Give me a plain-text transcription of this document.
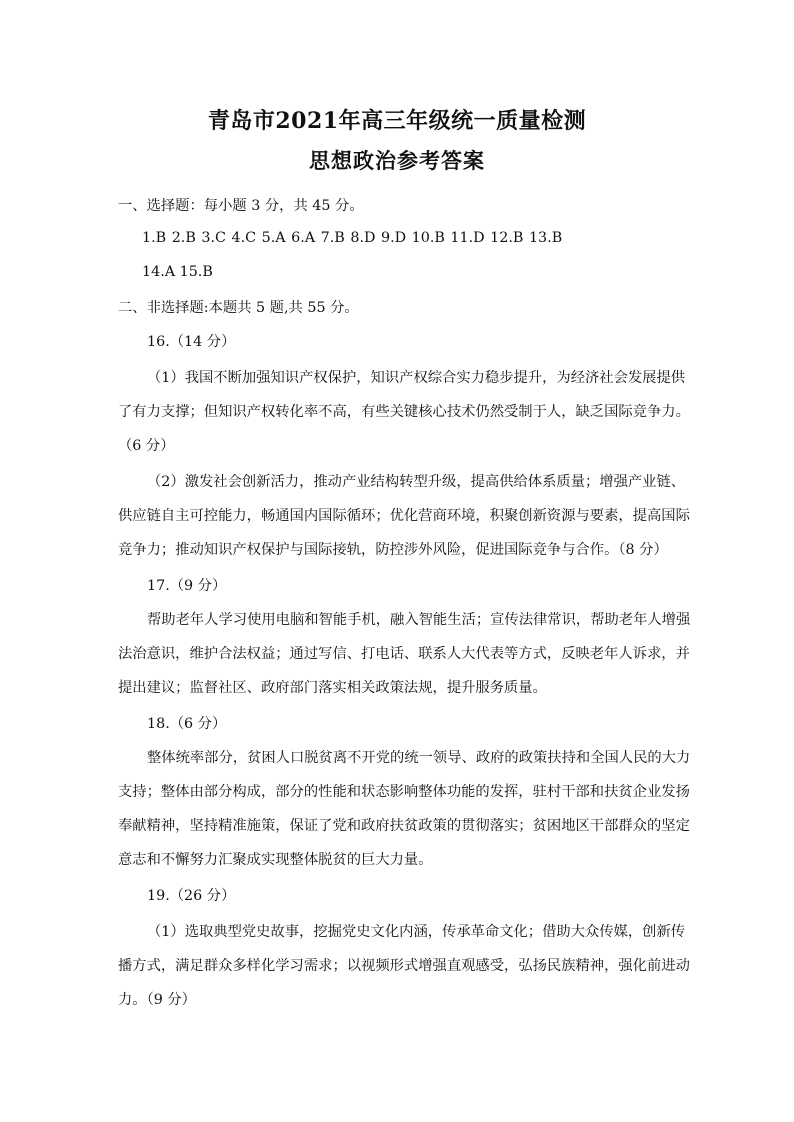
青岛市2021年高三年级统一质量检测
思想政治参考答案
一、选择题：每小题 3 分，共 45 分。
1.B 2.B 3.C 4.C 5.A 6.A 7.B 8.D 9.D 10.B 11.D 12.B 13.B
14.A 15.B
二、非选择题:本题共 5 题,共 55 分。
16.（14 分）
（1）我国不断加强知识产权保护，知识产权综合实力稳步提升，为经济社会发展提供
了有力支撑；但知识产权转化率不高，有些关键核心技术仍然受制于人，缺乏国际竞争力。
（6 分）
（2）激发社会创新活力，推动产业结构转型升级，提高供给体系质量；增强产业链、
供应链自主可控能力，畅通国内国际循环；优化营商环境，积聚创新资源与要素，提高国际
竞争力；推动知识产权保护与国际接轨，防控涉外风险，促进国际竞争与合作。（8 分）
17.（9 分）
帮助老年人学习使用电脑和智能手机，融入智能生活；宣传法律常识，帮助老年人增强
法治意识，维护合法权益；通过写信、打电话、联系人大代表等方式，反映老年人诉求，并
提出建议；监督社区、政府部门落实相关政策法规，提升服务质量。
18.（6 分）
整体统率部分，贫困人口脱贫离不开党的统一领导、政府的政策扶持和全国人民的大力
支持；整体由部分构成，部分的性能和状态影响整体功能的发挥，驻村干部和扶贫企业发扬
奉献精神，坚持精准施策，保证了党和政府扶贫政策的贯彻落实；贫困地区干部群众的坚定
意志和不懈努力汇聚成实现整体脱贫的巨大力量。
19.（26 分）
（1）选取典型党史故事，挖掘党史文化内涵，传承革命文化；借助大众传媒，创新传
播方式，满足群众多样化学习需求；以视频形式增强直观感受，弘扬民族精神，强化前进动
力。（9 分）
